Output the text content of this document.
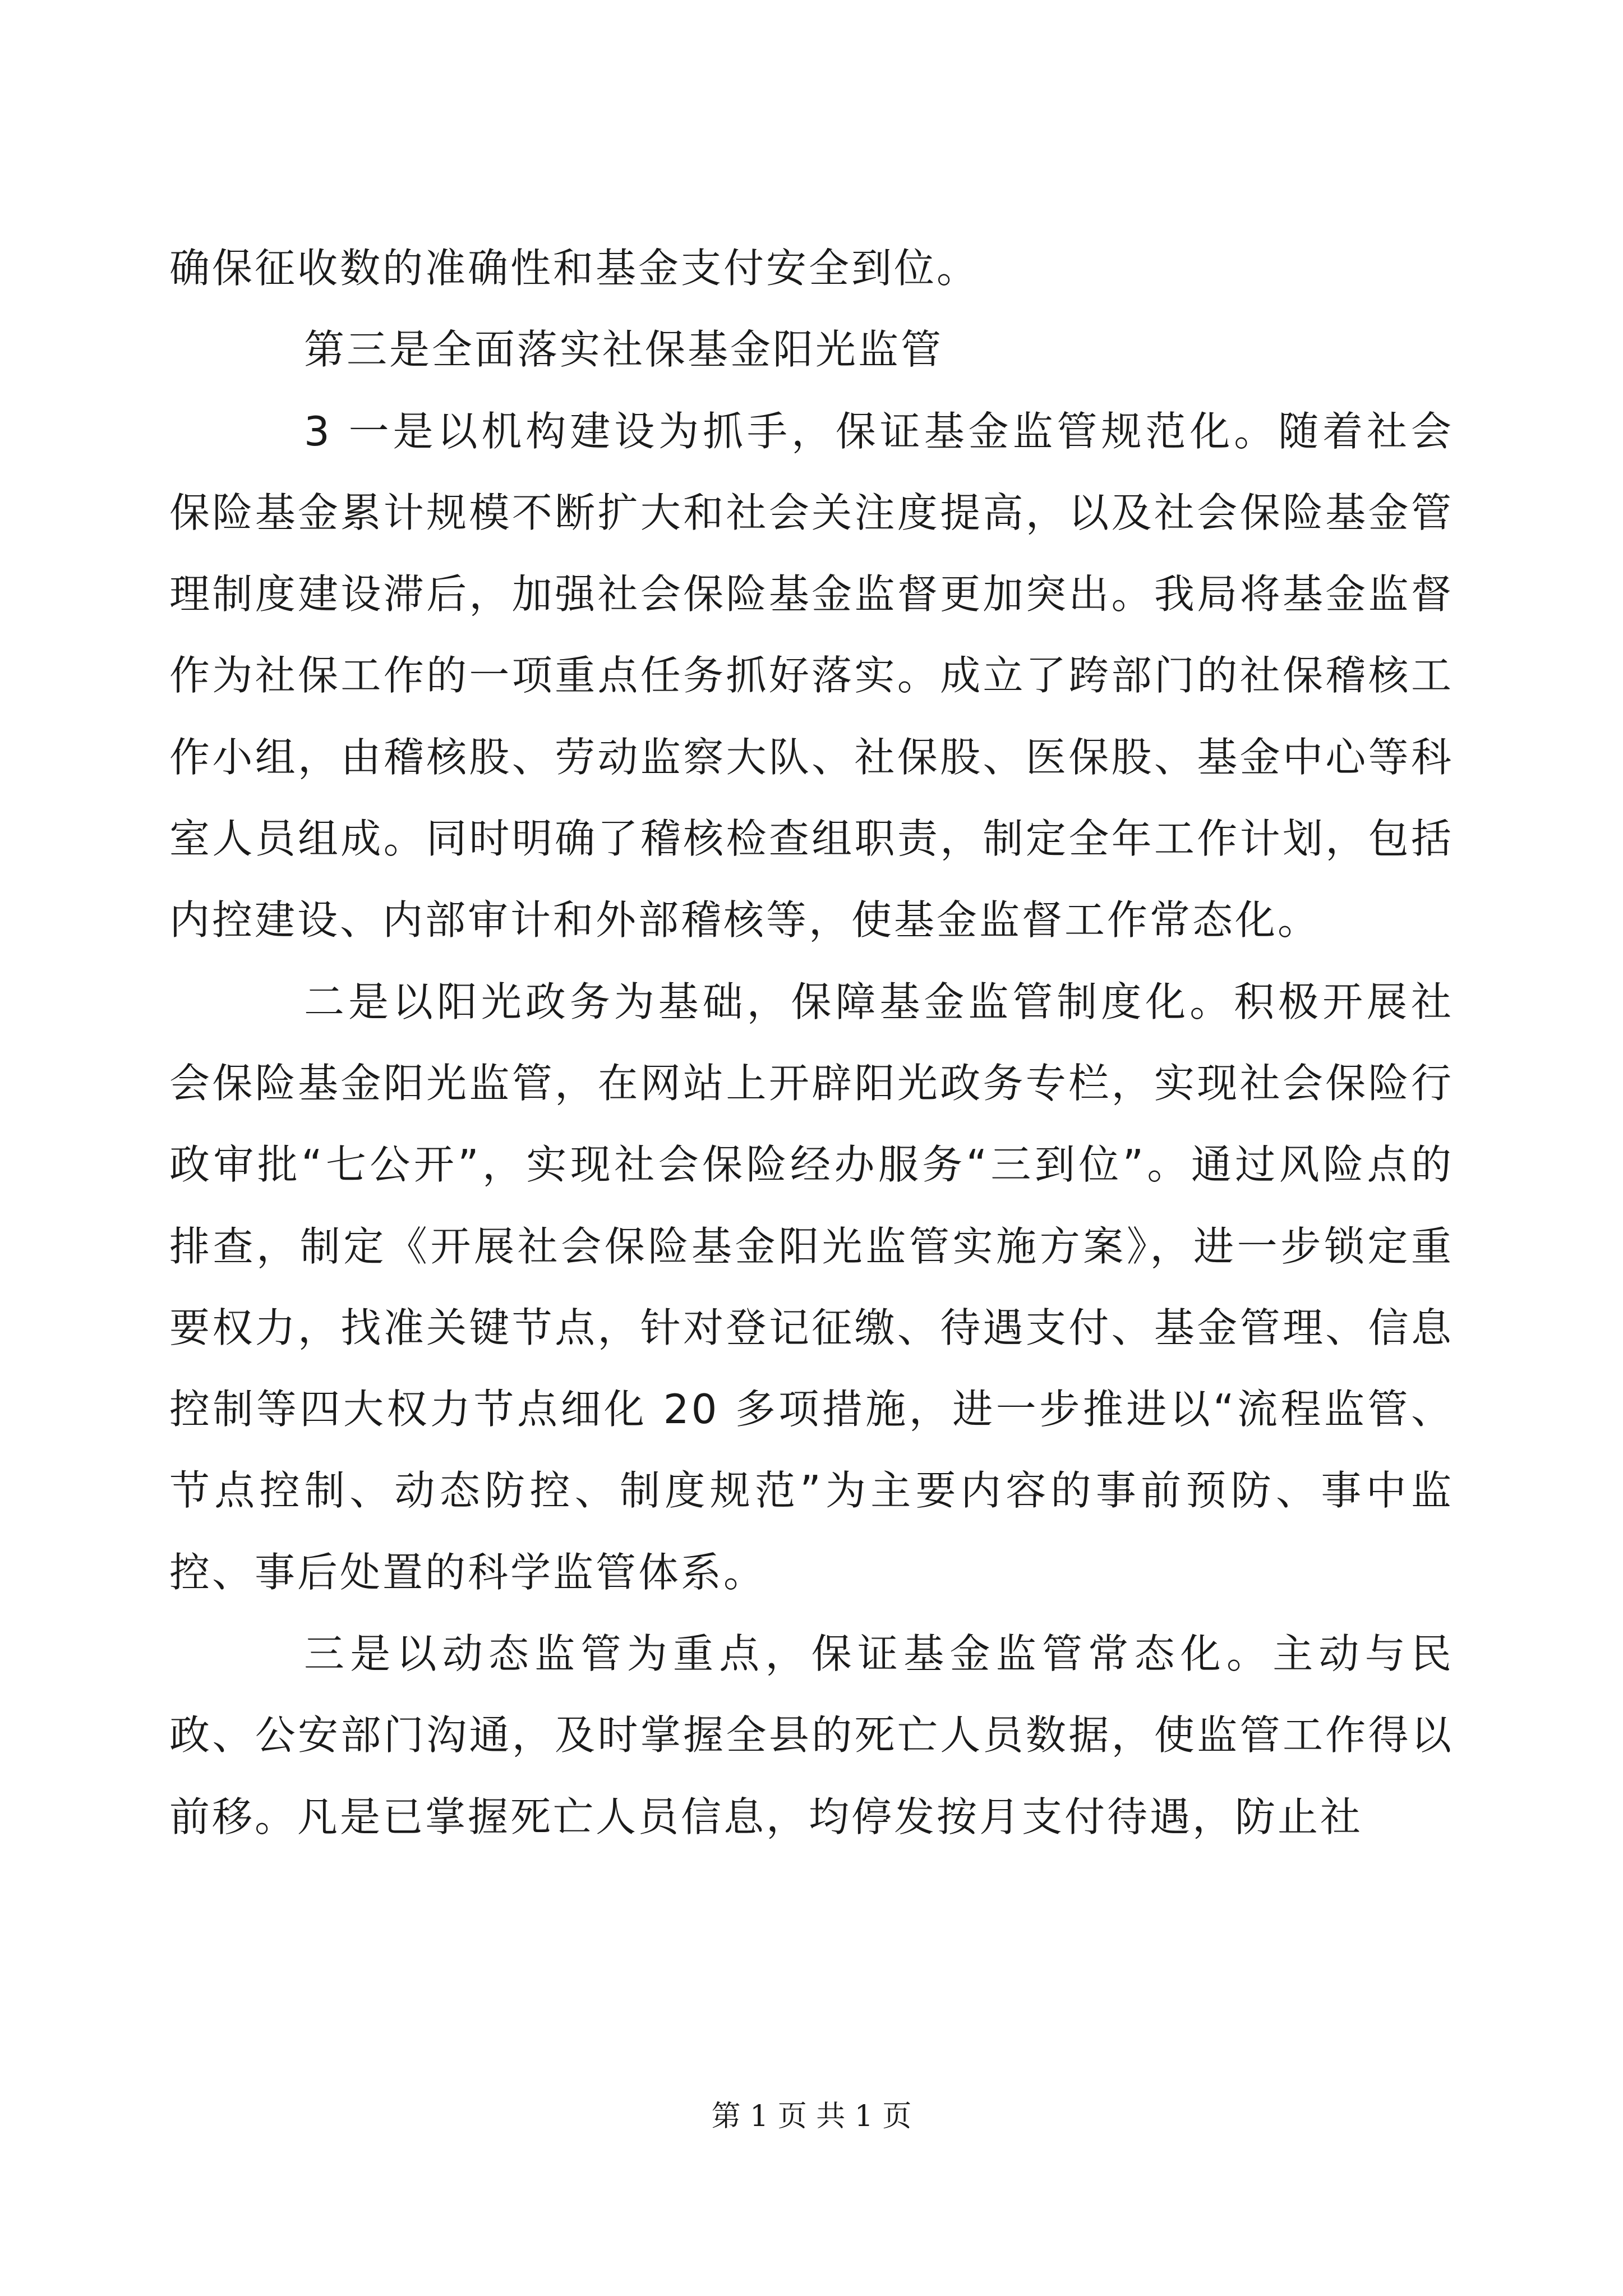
确保征收数的准确性和基金支付安全到位。

第三是全面落实社保基金阳光监管

3 一是以机构建设为抓手，保证基金监管规范化。随着社会保险基金累计规模不断扩大和社会关注度提高，以及社会保险基金管理制度建设滞后，加强社会保险基金监督更加突出。我局将基金监督作为社保工作的一项重点任务抓好落实。成立了跨部门的社保稽核工作小组，由稽核股、劳动监察大队、社保股、医保股、基金中心等科室人员组成。同时明确了稽核检查组职责，制定全年工作计划，包括内控建设、内部审计和外部稽核等，使基金监督工作常态化。

二是以阳光政务为基础，保障基金监管制度化。积极开展社会保险基金阳光监管，在网站上开辟阳光政务专栏，实现社会保险行政审批“七公开”，实现社会保险经办服务“三到位”。通过风险点的排查，制定《开展社会保险基金阳光监管实施方案》，进一步锁定重要权力，找准关键节点，针对登记征缴、待遇支付、基金管理、信息控制等四大权力节点细化 20 多项措施，进一步推进以“流程监管、节点控制、动态防控、制度规范”为主要内容的事前预防、事中监控、事后处置的科学监管体系。

三是以动态监管为重点，保证基金监管常态化。主动与民政、公安部门沟通，及时掌握全县的死亡人员数据，使监管工作得以前移。凡是已掌握死亡人员信息，均停发按月支付待遇，防止社

第 1 页 共 1 页
